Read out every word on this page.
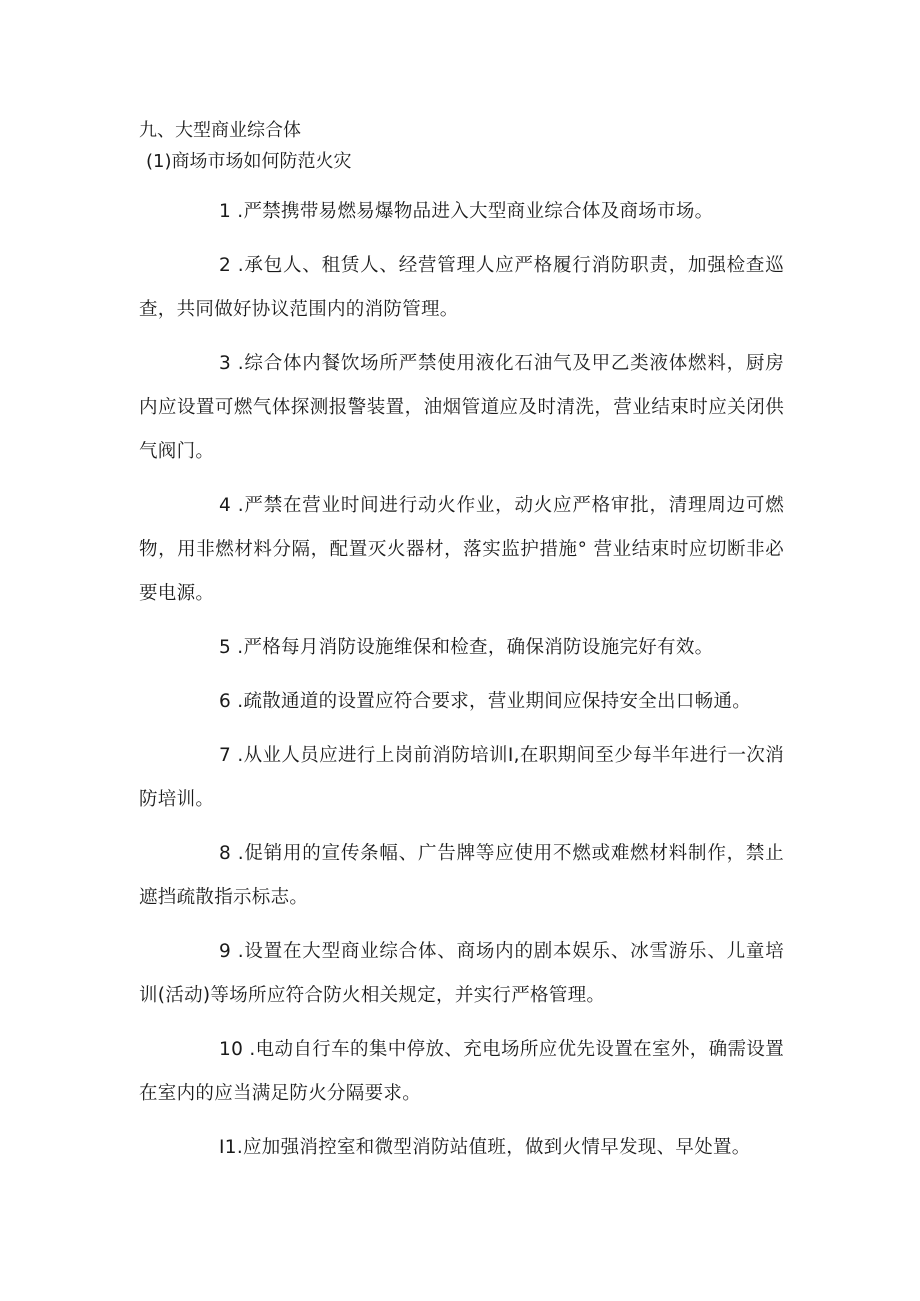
九、大型商业综合体
(1)商场市场如何防范火灾

1 .严禁携带易燃易爆物品进入大型商业综合体及商场市场。

2 .承包人、租赁人、经营管理人应严格履行消防职责，加强检查巡查，共同做好协议范围内的消防管理。

3 .综合体内餐饮场所严禁使用液化石油气及甲乙类液体燃料，厨房内应设置可燃气体探测报警装置，油烟管道应及时清洗，营业结束时应关闭供气阀门。

4 .严禁在营业时间进行动火作业，动火应严格审批，清理周边可燃物，用非燃材料分隔，配置灭火器材，落实监护措施° 营业结束时应切断非必要电源。

5 .严格每月消防设施维保和检查，确保消防设施完好有效。

6 .疏散通道的设置应符合要求，营业期间应保持安全出口畅通。

7 .从业人员应进行上岗前消防培训I,在职期间至少每半年进行一次消防培训。

8 .促销用的宣传条幅、广告牌等应使用不燃或难燃材料制作，禁止遮挡疏散指示标志。

9 .设置在大型商业综合体、商场内的剧本娱乐、冰雪游乐、儿童培训(活动)等场所应符合防火相关规定，并实行严格管理。

10 .电动自行车的集中停放、充电场所应优先设置在室外，确需设置在室内的应当满足防火分隔要求。

I1.应加强消控室和微型消防站值班，做到火情早发现、早处置。
